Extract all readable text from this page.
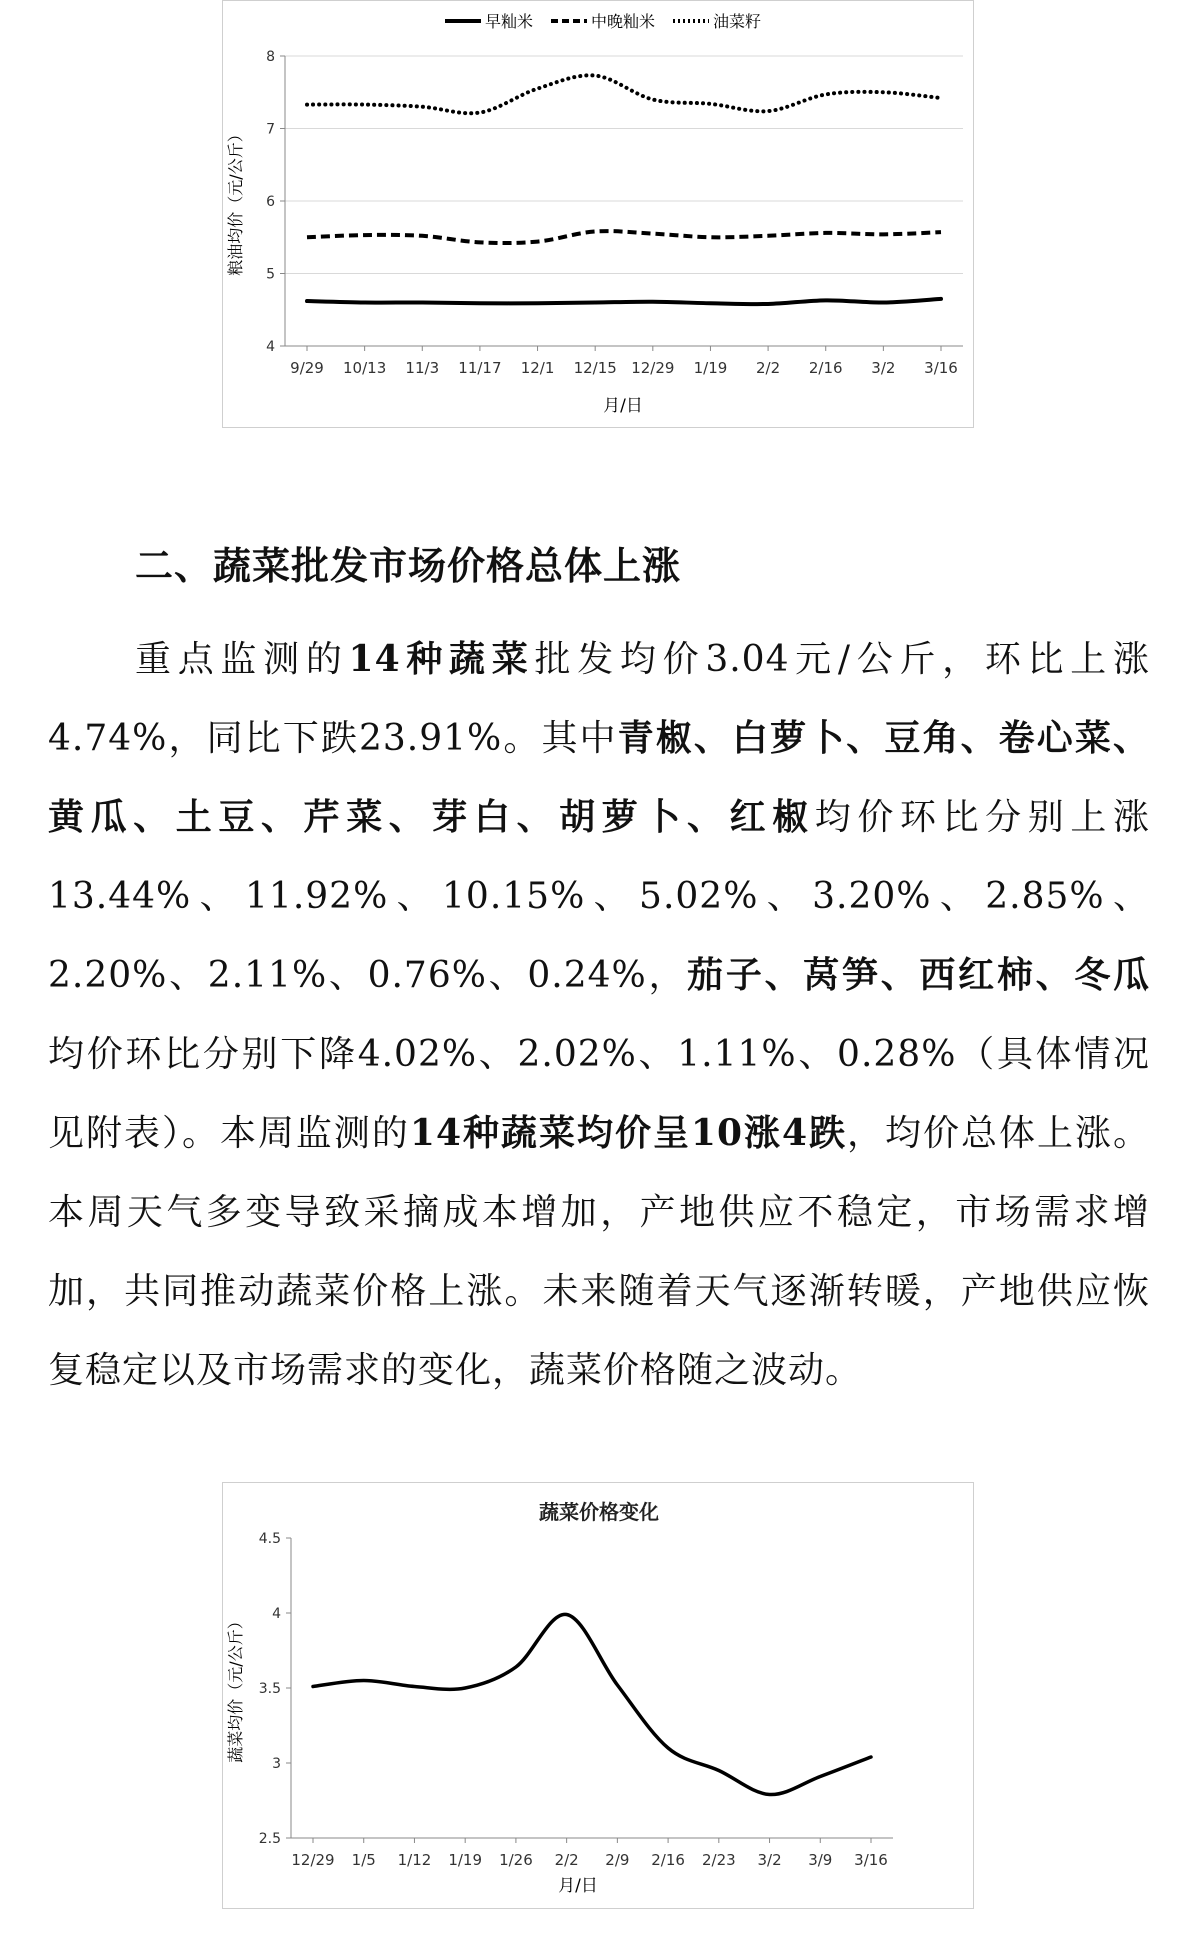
早籼米	中晚籼米	油菜籽
4
5
6
7
8
9/29 10/13 11/3 11/17 12/1 12/15 12/29 1/19 2/2 2/16 3/2 3/16
粮油均价（元/公斤）
月/日
二、蔬菜批发市场价格总体上涨

重点监测的14种蔬菜批发均价3.04元/公斤，环比上涨4.74%，同比下跌23.91%。其中青椒、白萝卜、豆角、卷心菜、黄瓜、土豆、芹菜、芽白、胡萝卜、红椒均价环比分别上涨13.44%、11.92%、10.15%、5.02%、3.20%、2.85%、2.20%、2.11%、0.76%、0.24%，茄子、莴笋、西红柿、冬瓜均价环比分别下降4.02%、2.02%、1.11%、0.28%（具体情况见附表）。本周监测的14种蔬菜均价呈10涨4跌，均价总体上涨。本周天气多变导致采摘成本增加，产地供应不稳定，市场需求增加，共同推动蔬菜价格上涨。未来随着天气逐渐转暖，产地供应恢复稳定以及市场需求的变化，蔬菜价格随之波动。

蔬菜价格变化
2.5
3
3.5
4
4.5
12/29 1/5 1/12 1/19 1/26 2/2 2/9 2/16 2/23 3/2 3/9 3/16
蔬菜均价（元/公斤）
月/日
